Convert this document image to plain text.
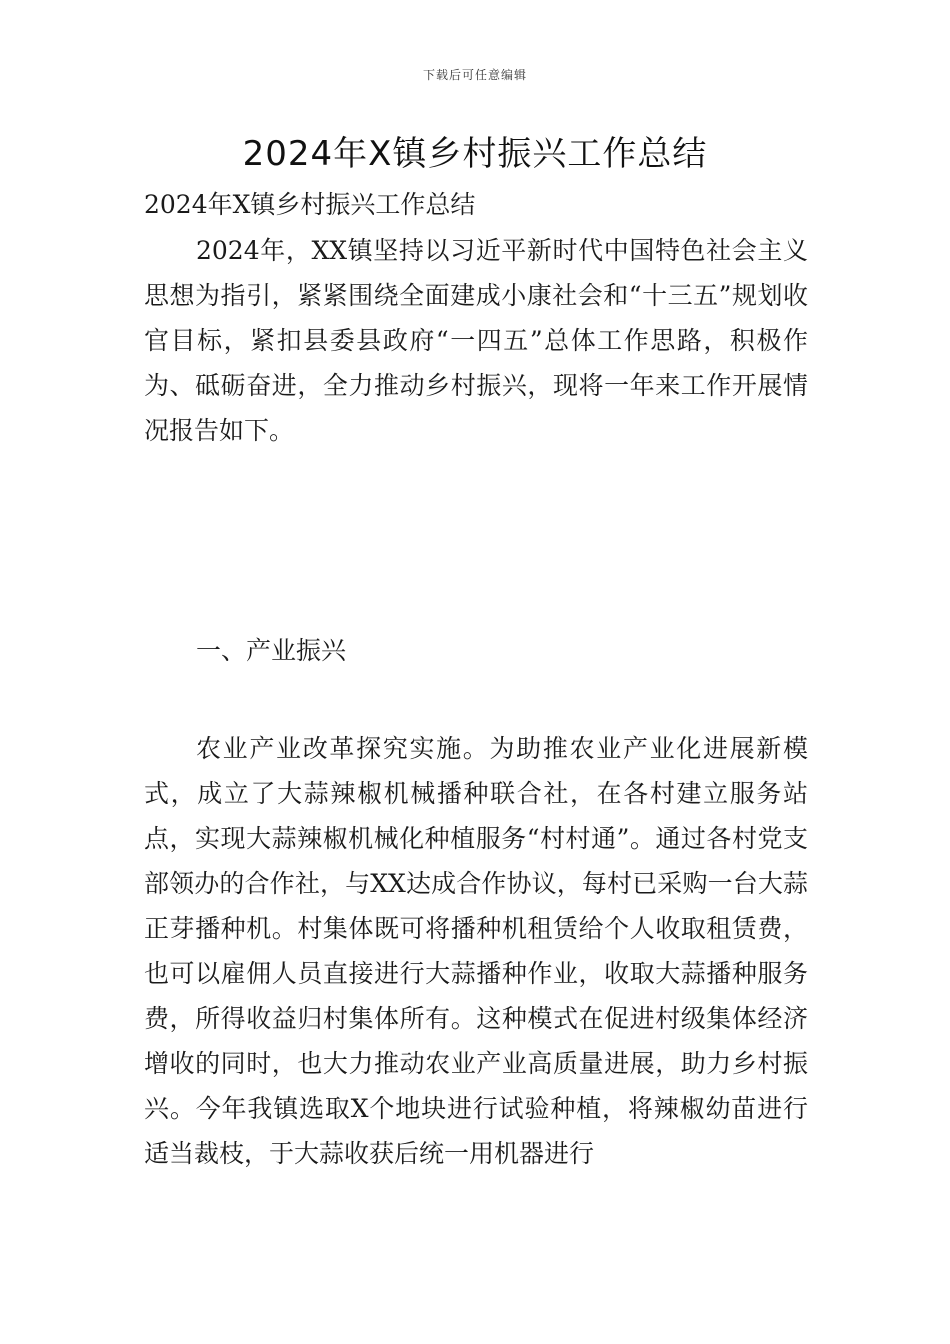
下载后可任意编辑
2024年X镇乡村振兴工作总结

2024年X镇乡村振兴工作总结

2024年，XX镇坚持以习近平新时代中国特色社会主义思想为指引，紧紧围绕全面建成小康社会和“十三五”规划收官目标，紧扣县委县政府“一四五”总体工作思路，积极作为、砥砺奋进，全力推动乡村振兴，现将一年来工作开展情况报告如下。

一、产业振兴

农业产业改革探究实施。为助推农业产业化进展新模式，成立了大蒜辣椒机械播种联合社，在各村建立服务站点，实现大蒜辣椒机械化种植服务“村村通”。通过各村党支部领办的合作社，与XX达成合作协议，每村已采购一台大蒜正芽播种机。村集体既可将播种机租赁给个人收取租赁费，也可以雇佣人员直接进行大蒜播种作业，收取大蒜播种服务费，所得收益归村集体所有。这种模式在促进村级集体经济增收的同时，也大力推动农业产业高质量进展，助力乡村振兴。今年我镇选取X个地块进行试验种植，将辣椒幼苗进行适当裁枝，于大蒜收获后统一用机器进行
